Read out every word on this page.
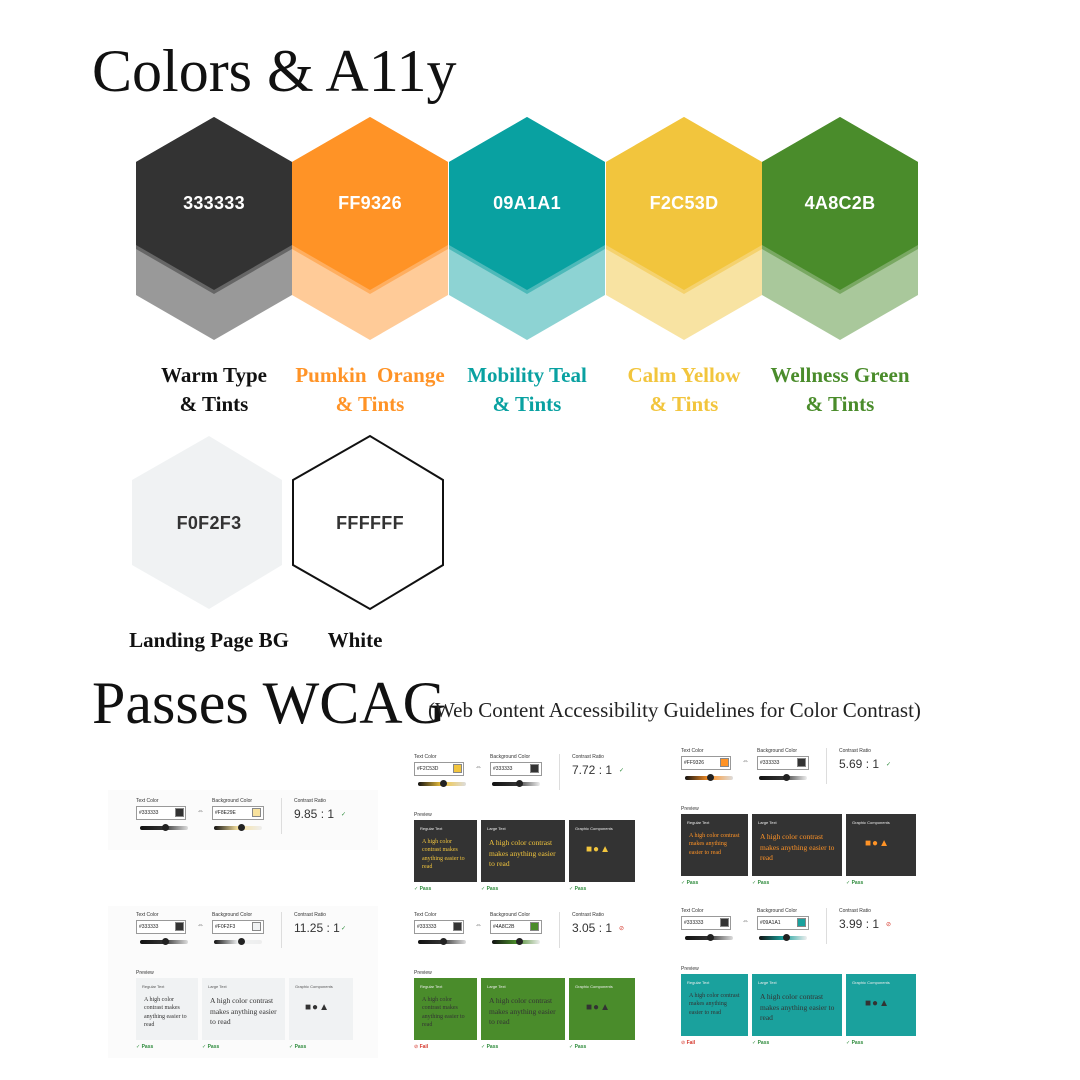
Colors & A11y
333333
Warm Type
& Tints
FF9326
Pumkin  Orange
& Tints
09A1A1
Mobility Teal
& Tints
F2C53D
Calm Yellow
& Tints
4A8C2B
Wellness Green
& Tints
F0F2F3
Landing Page BG
FFFFFF
White
Passes WCAG
(Web Content Accessibility Guidelines for Color Contrast)
Text Color
#333333	⇔
Background Color
#F8E29E
Contrast Ratio
9.85 : 1 ✓
Text Color
#F2C53D	⇔
Background Color
#333333
Contrast Ratio
7.72 : 1 ✓
Preview
Regular Text
A high color contrast makes anything easier to read
✓ Pass
Large Text
A high color contrast makes anything easier to read
✓ Pass
Graphic Components
■●▲
✓ Pass
Text Color
#FF9326	⇔
Background Color
#333333
Contrast Ratio
5.69 : 1 ✓
Preview
Regular Text
A high color contrast makes anything easier to read
✓ Pass
Large Text
A high color contrast makes anything easier to read
✓ Pass
Graphic Components
■●▲
✓ Pass
Text Color
#333333	⇔
Background Color
#F0F2F3
Contrast Ratio
11.25 : 1 ✓
Preview
Regular Text
A high color contrast makes anything easier to read
✓ Pass
Large Text
A high color contrast makes anything easier to read
✓ Pass
Graphic Components
■●▲
✓ Pass
Text Color
#333333	⇔
Background Color
#4A8C2B
Contrast Ratio
3.05 : 1 ⊘
Preview
Regular Text
A high color contrast makes anything easier to read
⊘ Fail
Large Text
A high color contrast makes anything easier to read
✓ Pass
Graphic Components
■●▲
✓ Pass
Text Color
#333333	⇔
Background Color
#09A1A1
Contrast Ratio
3.99 : 1 ⊘
Preview
Regular Text
A high color contrast makes anything easier to read
⊘ Fail
Large Text
A high color contrast makes anything easier to read
✓ Pass
Graphic Components
■●▲
✓ Pass
